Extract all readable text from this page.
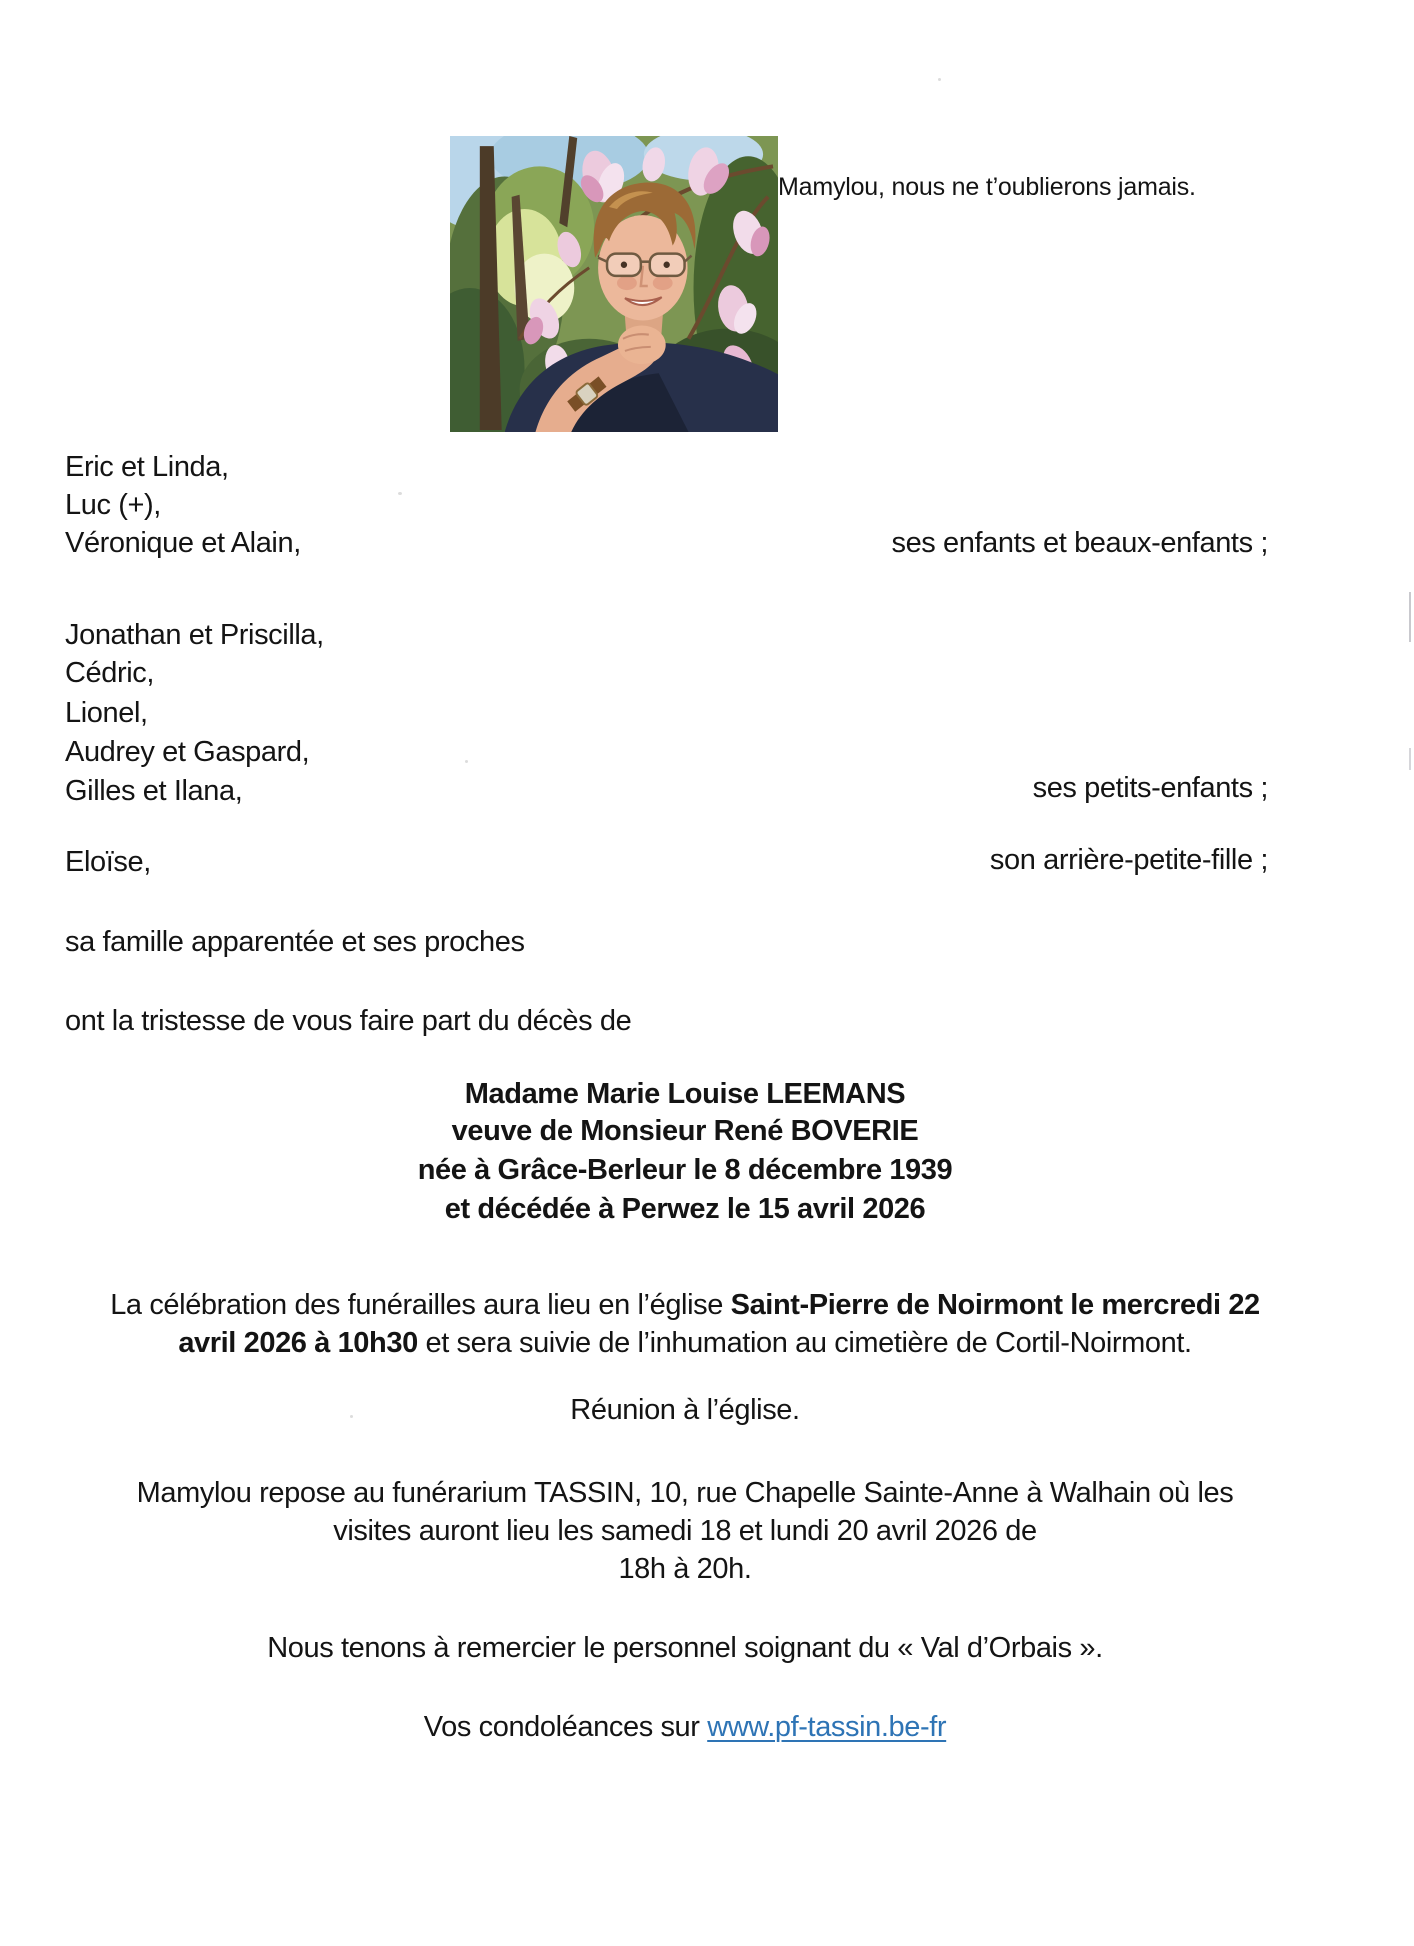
Mamylou, nous ne t’oublierons jamais.
Eric et Linda,
Luc (+),
Véronique et Alain,	ses enfants et beaux-enfants ;
Jonathan et Priscilla,
Cédric,
Lionel,
Audrey et Gaspard,
Gilles et Ilana,	ses petits-enfants ;
Eloïse,	son arrière-petite-fille ;
sa famille apparentée et ses proches
ont la tristesse de vous faire part du décès de
Madame Marie Louise LEEMANS
veuve de Monsieur René BOVERIE
née à Grâce-Berleur le 8 décembre 1939
et décédée à Perwez le 15 avril 2026
La célébration des funérailles aura lieu en l’église Saint-Pierre de Noirmont le mercredi 22
avril 2026 à 10h30 et sera suivie de l’inhumation au cimetière de Cortil-Noirmont.
Réunion à l’église.
Mamylou repose au funérarium TASSIN, 10, rue Chapelle Sainte-Anne à Walhain où les
visites auront lieu les samedi 18 et lundi 20 avril 2026 de
18h à 20h.
Nous tenons à remercier le personnel soignant du « Val d’Orbais ».
Vos condoléances sur www.pf-tassin.be-fr
